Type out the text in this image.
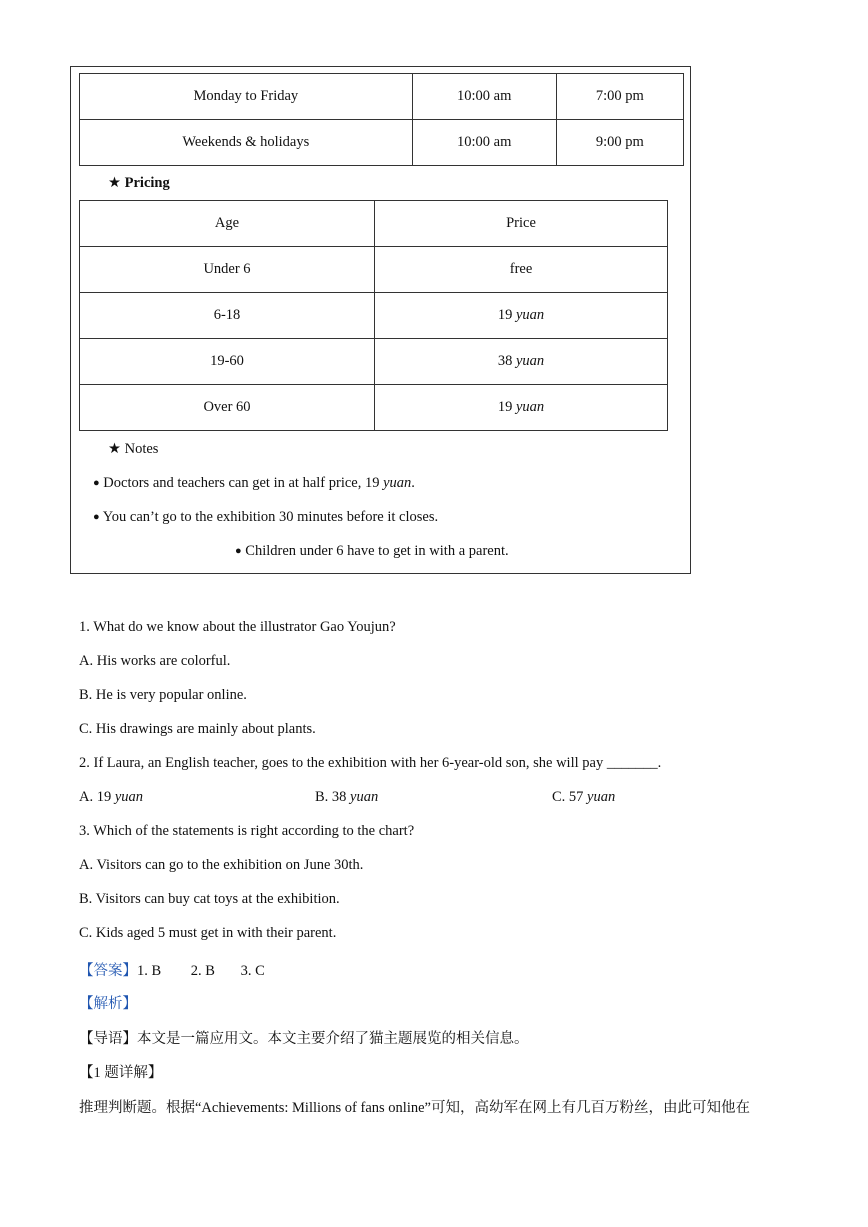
Monday to Friday	10:00 am	7:00 pm
Weekends & holidays	10:00 am	9:00 pm
★ Pricing
Age	Price
Under 6	free
6-18	19 yuan
19-60	38 yuan
Over 60	19 yuan
★ Notes
● Doctors and teachers can get in at half price, 19 yuan.
● You can’t go to the exhibition 30 minutes before it closes.
● Children under 6 have to get in with a parent.
1. What do we know about the illustrator Gao Youjun?
A. His works are colorful.
B. He is very popular online.
C. His drawings are mainly about plants.
2. If Laura, an English teacher, goes to the exhibition with her 6-year-old son, she will pay _______.
A. 19 yuan	B. 38 yuan	C. 57 yuan
3. Which of the statements is right according to the chart?
A. Visitors can go to the exhibition on June 30th.
B. Visitors can buy cat toys at the exhibition.
C. Kids aged 5 must get in with their parent.
【答案】1. B 2. B 3. C
【解析】
【导语】本文是一篇应用文。本文主要介绍了猫主题展览的相关信息。
【1 题详解】
推理判断题。根据“Achievements: Millions of fans online”可知，高幼军在网上有几百万粉丝，由此可知他在
